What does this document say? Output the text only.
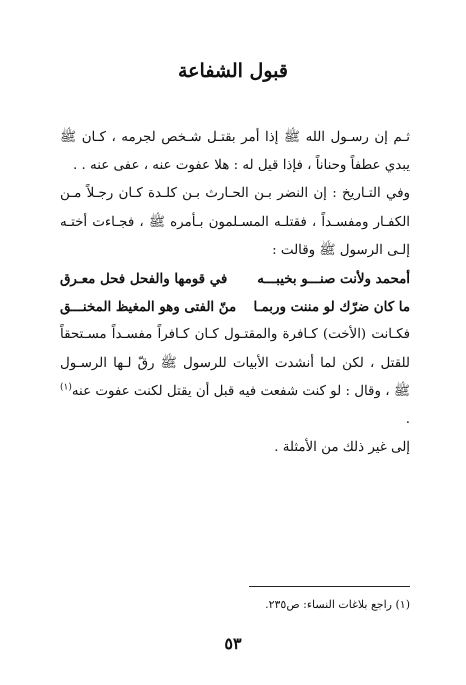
قبول الشفاعة

ثـم إن رسـول الله ﷺ إذا أمر بقتـل شـخص لجرمه ، كـان ﷺ يبدي عطفاً وحناناً ، فإذا قيل له : هلا عفوت عنه ، عفى عنه . .

وفي التـاريخ : إن النضر بـن الحـارث بـن كلـدة كـان رجـلاً مـن الكفـار ومفسـداً ، فقتلـه المسـلمون بـأمره ﷺ ، فجـاءت أختـه إلـى الرسول ﷺ وقالت :

أمحمد ولأنت صنـــو بخيبـــه
في قومها والفحل فحل معـرق
ما كان ضرّك لو مننت وربمـا
منّ الفتى وهو المغيظ المخنـــق

فكـانت (الأخت) كـافرة والمقتـول كـان كـافراً مفسـداً مسـتحقاً للقتل ، لكن لما أنشدت الأبيات للرسول ﷺ رقّ لـها الرسـول ﷺ ، وقال : لو كنت شفعت فيه قبل أن يقتل لكنت عفوت عنه$^{(١)}$ .

إلى غير ذلك من الأمثلة .

(١) راجع بلاغات النساء: ص٢٣٥.
٥٣
